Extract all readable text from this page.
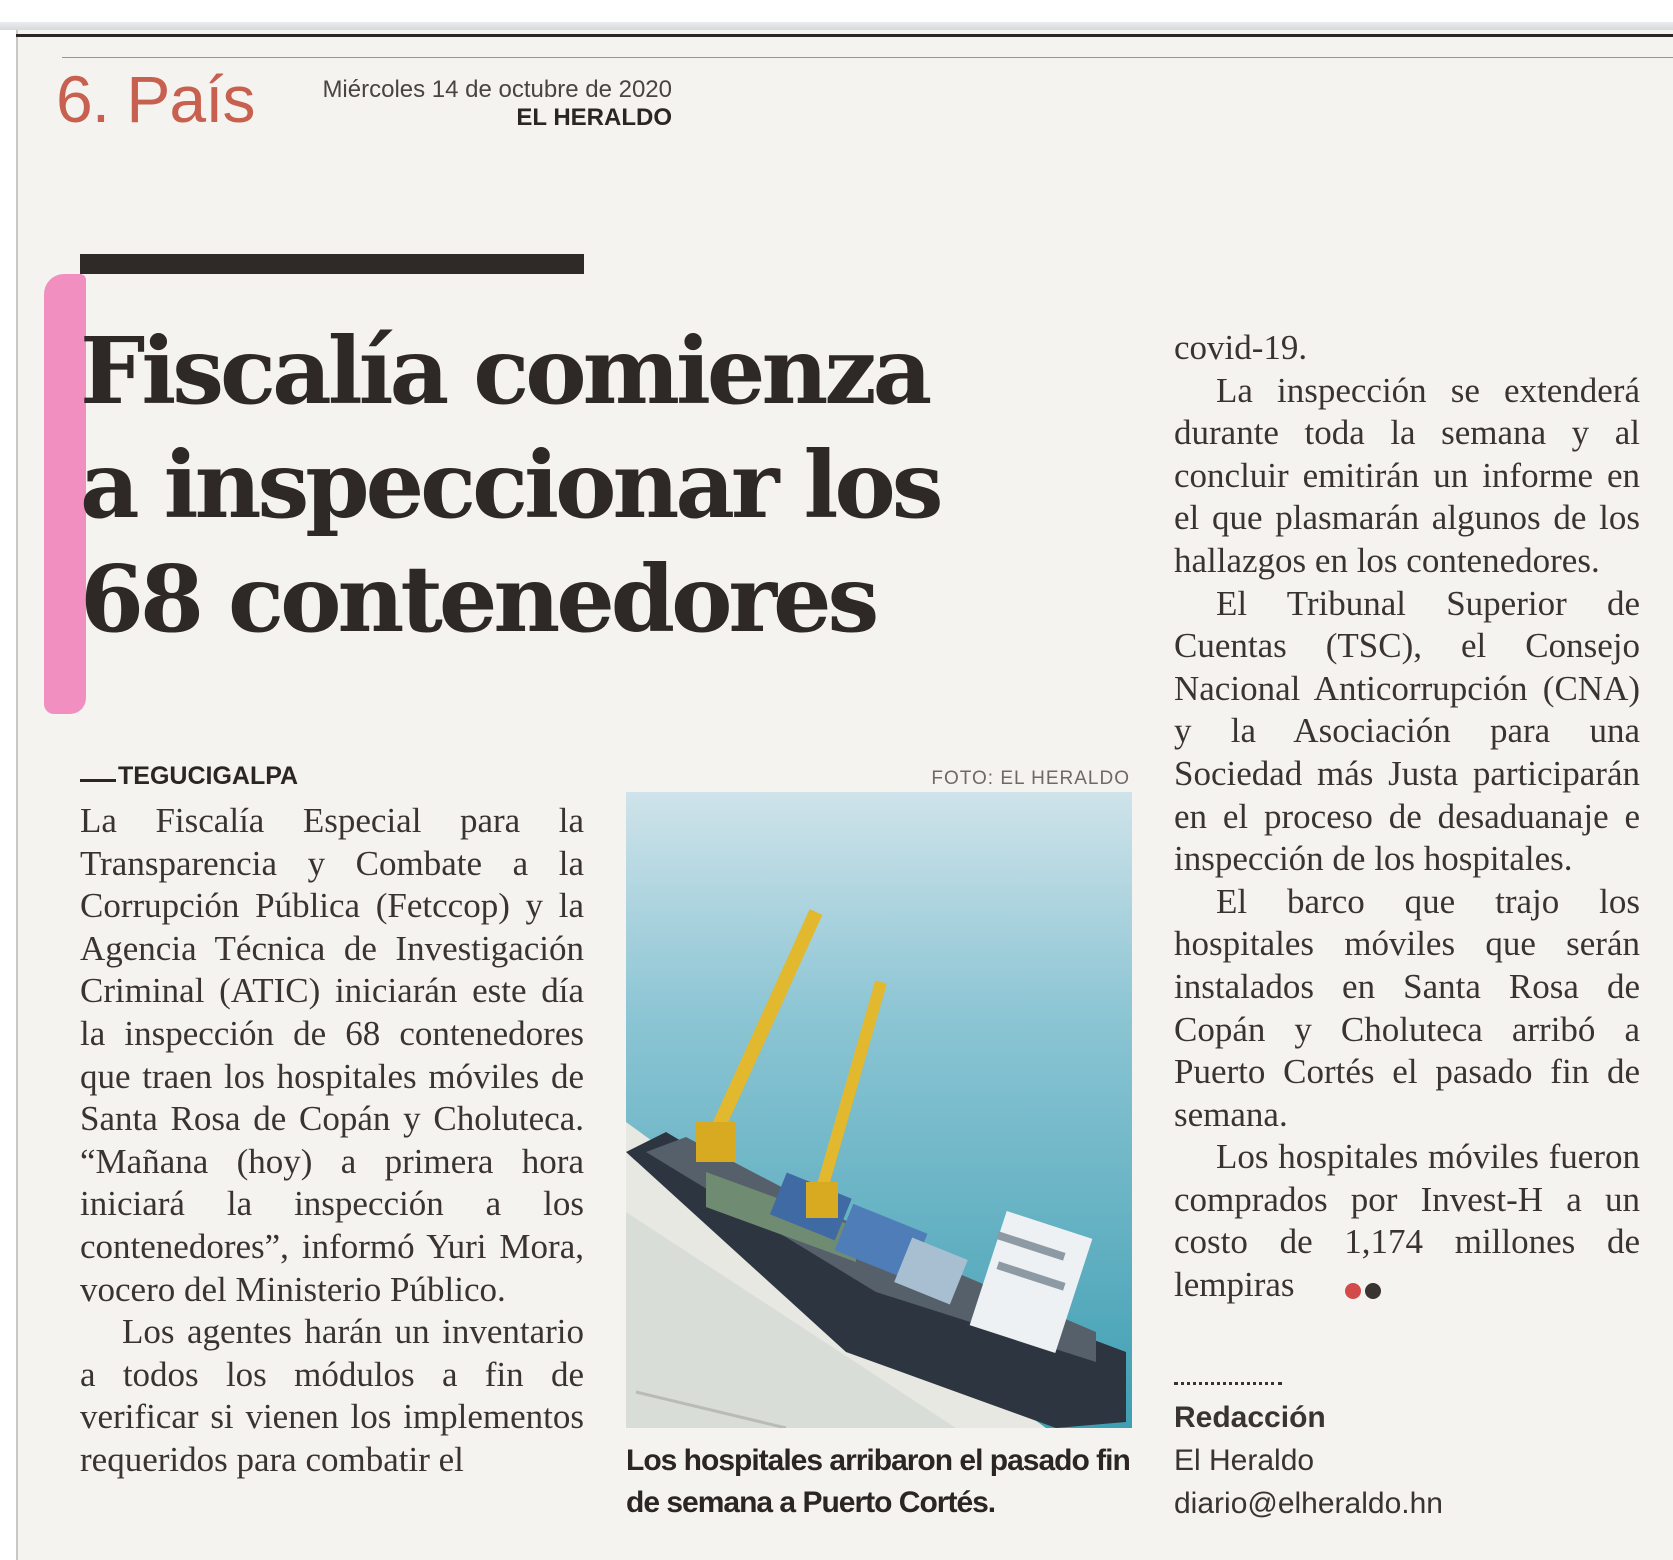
6. País	Miércoles 14 de octubre de 2020
EL HERALDO
Fiscalía comienza
a inspeccionar los
68 contenedores
TEGUCIGALPA

La Fiscalía Especial para la Transparencia y Combate a la Corrupción Pública (Fetccop) y la Agencia Técnica de Investigación Criminal (ATIC) iniciarán este día la inspección de 68 contenedores que traen los hospitales móviles de Santa Rosa de Copán y Choluteca. “Mañana (hoy) a primera hora iniciará la inspección a los contenedores”, informó Yuri Mora, vocero del Ministerio Público.

Los agentes harán un inventario a todos los módulos a fin de verificar si vienen los implementos requeridos para combatir el

FOTO: EL HERALDO
Los hospitales arribaron el pasado fin de semana a Puerto Cortés.

covid-19.

La inspección se extenderá durante toda la semana y al concluir emitirán un informe en el que plasmarán algunos de los hallazgos en los contenedores.

El Tribunal Superior de Cuentas (TSC), el Consejo Nacional Anticorrupción (CNA) y la Asociación para una Sociedad más Justa participarán en el proceso de desaduanaje e inspección de los hospitales.

El barco que trajo los hospitales móviles que serán instalados en Santa Rosa de Copán y Choluteca arribó a Puerto Cortés el pasado fin de semana.

Los hospitales móviles fueron comprados por Invest-H a un costo de 1,174 millones de lempiras

Redacción
El Heraldo
diario@elheraldo.hn
